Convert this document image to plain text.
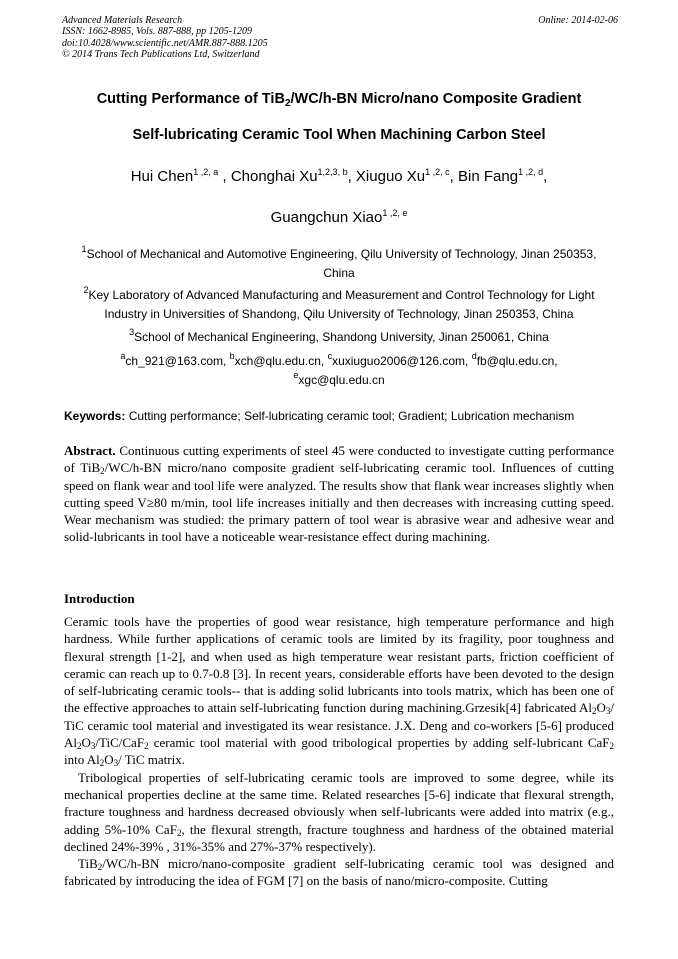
Advanced Materials Research
ISSN: 1662-8985, Vols. 887-888, pp 1205-1209
doi:10.4028/www.scientific.net/AMR.887-888.1205
© 2014 Trans Tech Publications Ltd, Switzerland
Online: 2014-02-06
Cutting Performance of TiB$_2$/WC/h-BN Micro/nano Composite Gradient
Self-lubricating Ceramic Tool When Machining Carbon Steel
Hui Chen$^{1 ,2, a}$ , Chonghai Xu$^{1,2,3, b}$, Xiuguo Xu$^{1 ,2, c}$, Bin Fang$^{1 ,2, d}$,
Guangchun Xiao$^{1 ,2, e}$
$^1$School of Mechanical and Automotive Engineering, Qilu University of Technology, Jinan 250353,
China
$^2$Key Laboratory of Advanced Manufacturing and Measurement and Control Technology for Light
Industry in Universities of Shandong, Qilu University of Technology, Jinan 250353, China
$^3$School of Mechanical Engineering, Shandong University, Jinan 250061, China
$^a$ch_921@163.com, $^b$xch@qlu.edu.cn, $^c$xuxiuguo2006@126.com, $^d$fb@qlu.edu.cn,
$^e$xgc@qlu.edu.cn
Keywords: Cutting performance; Self-lubricating ceramic tool; Gradient; Lubrication mechanism
Abstract. Continuous cutting experiments of steel 45 were conducted to investigate cutting performance of TiB$_2$/WC/h-BN micro/nano composite gradient self-lubricating ceramic tool. Influences of cutting speed on flank wear and tool life were analyzed. The results show that flank wear increases slightly when cutting speed V≥80 m/min, tool life increases initially and then decreases with increasing cutting speed. Wear mechanism was studied: the primary pattern of tool wear is abrasive wear and adhesive wear and solid-lubricants in tool have a noticeable wear-resistance effect during machining.
Introduction

Ceramic tools have the properties of good wear resistance, high temperature performance and high hardness. While further applications of ceramic tools are limited by its fragility, poor toughness and flexural strength [1-2], and when used as high temperature wear resistant parts, friction coefficient of ceramic can reach up to 0.7-0.8 [3]. In recent years, considerable efforts have been devoted to the design of self-lubricating ceramic tools-- that is adding solid lubricants into tools matrix, which has been one of the effective approaches to attain self-lubricating function during machining.Grzesik[4] fabricated $Al_2O_3/$ TiC ceramic tool material and investigated its wear resistance. J.X. Deng and co-workers [5-6] produced $Al_2O_3/TiC/CaF_2$ ceramic tool material with good tribological properties by adding self-lubricant CaF$_2$ into $Al_2O_3/$ TiC matrix.

Tribological properties of self-lubricating ceramic tools are improved to some degree, while its mechanical properties decline at the same time. Related researches [5-6] indicate that flexural strength, fracture toughness and hardness decreased obviously when self-lubricants were added into matrix (e.g., adding 5%-10% CaF$_2$, the flexural strength, fracture toughness and hardness of the obtained material declined 24%-39% , 31%-35% and 27%-37% respectively).

TiB$_2$/WC/h-BN micro/nano-composite gradient self-lubricating ceramic tool was designed and fabricated by introducing the idea of FGM [7] on the basis of nano/micro-composite. Cutting
